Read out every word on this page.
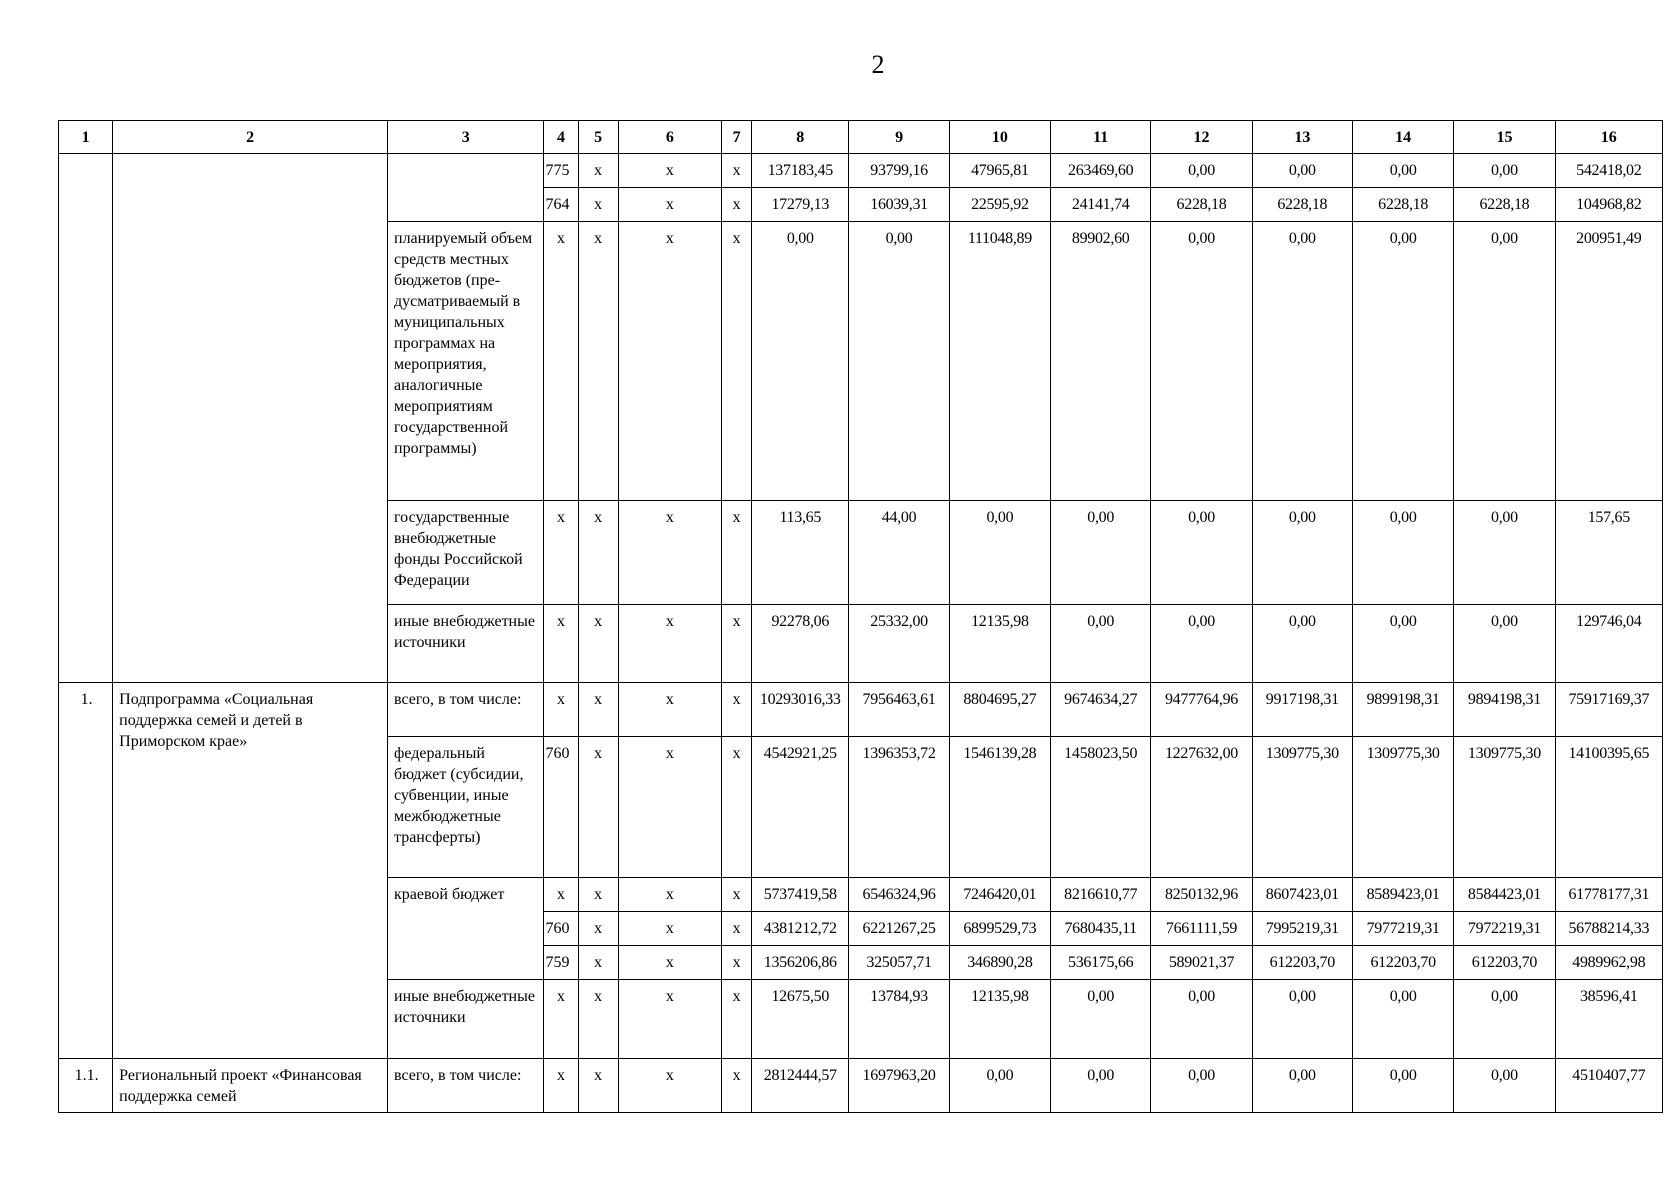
2
1	2	3	4	5	6	7	8	9	10	11	12	13	14	15	16
			775	x	x	x	137183,45	93799,16	47965,81	263469,60	0,00	0,00	0,00	0,00	542418,02
			764	x	x	x	17279,13	16039,31	22595,92	24141,74	6228,18	6228,18	6228,18	6228,18	104968,82
		планируемый объем средств местных бюджетов (пре-дусматриваемый в муниципальных программах на мероприятия, аналогичные мероприятиям государственной программы)	x	x	x	x	0,00	0,00	111048,89	89902,60	0,00	0,00	0,00	0,00	200951,49
		государственные внебюджетные фонды Российской Федерации	x	x	x	x	113,65	44,00	0,00	0,00	0,00	0,00	0,00	0,00	157,65
		иные внебюджетные источники	x	x	x	x	92278,06	25332,00	12135,98	0,00	0,00	0,00	0,00	0,00	129746,04
1.	Подпрограмма «Социальная поддержка семей и детей в Приморском крае»	всего, в том числе:	x	x	x	x	10293016,33	7956463,61	8804695,27	9674634,27	9477764,96	9917198,31	9899198,31	9894198,31	75917169,37
		федеральный бюджет (субсидии, субвенции, иные межбюджетные трансферты)	760	x	x	x	4542921,25	1396353,72	1546139,28	1458023,50	1227632,00	1309775,30	1309775,30	1309775,30	14100395,65
		краевой бюджет	x	x	x	x	5737419,58	6546324,96	7246420,01	8216610,77	8250132,96	8607423,01	8589423,01	8584423,01	61778177,31
			760	x	x	x	4381212,72	6221267,25	6899529,73	7680435,11	7661111,59	7995219,31	7977219,31	7972219,31	56788214,33
			759	x	x	x	1356206,86	325057,71	346890,28	536175,66	589021,37	612203,70	612203,70	612203,70	4989962,98
		иные внебюджетные источники	x	x	x	x	12675,50	13784,93	12135,98	0,00	0,00	0,00	0,00	0,00	38596,41
1.1.	Региональный проект «Финансовая поддержка семей	всего, в том числе:	x	x	x	x	2812444,57	1697963,20	0,00	0,00	0,00	0,00	0,00	0,00	4510407,77
